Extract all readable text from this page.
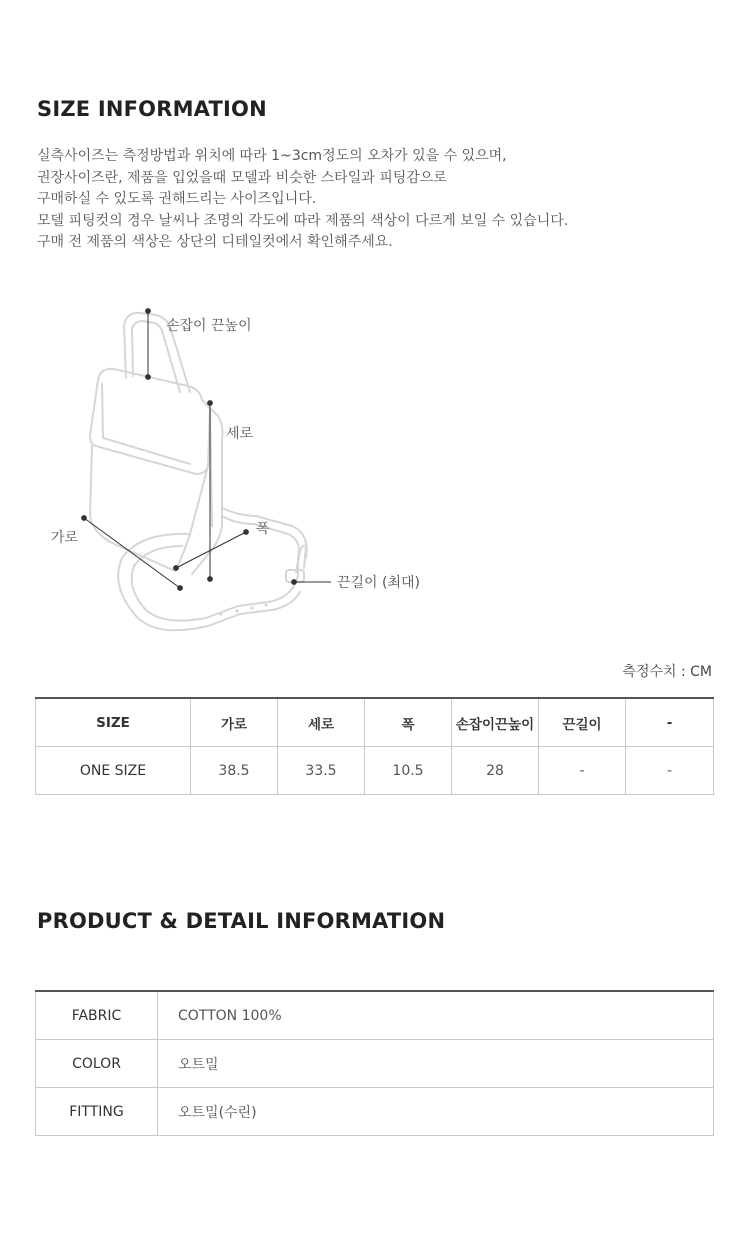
SIZE INFORMATION
실측사이즈는 측정방법과 위치에 따라 1~3cm정도의 오차가 있을 수 있으며,
권장사이즈란, 제품을 입었을때 모델과 비슷한 스타일과 피팅감으로
구매하실 수 있도록 권해드리는 사이즈입니다.
모델 피팅컷의 경우 날씨나 조명의 각도에 따라 제품의 색상이 다르게 보일 수 있습니다.
구매 전 제품의 색상은 상단의 디테일컷에서 확인해주세요.
손잡이 끈높이
세로
가로
폭
끈길이 (최대)
측정수치 : CM
SIZE	가로	세로	폭	손잡이끈높이	끈길이	-
ONE SIZE	38.5	33.5	10.5	28	-	-
PRODUCT & DETAIL INFORMATION
FABRIC	COTTON 100%
COLOR	오트밀
FITTING	오트밀(수린)
